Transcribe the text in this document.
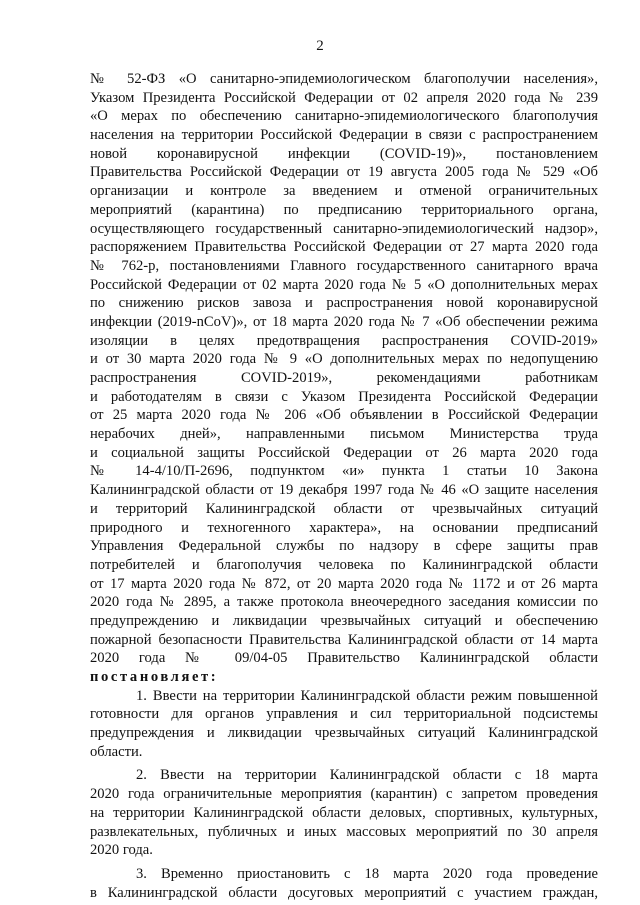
2
№ 52-ФЗ «О санитарно-эпидемиологическом благополучии населения»,
Указом Президента Российской Федерации от 02 апреля 2020 года № 239
«О мерах по обеспечению санитарно-эпидемиологического благополучия
населения на территории Российской Федерации в связи с распространением
новой коронавирусной инфекции (COVID-19)», постановлением
Правительства Российской Федерации от 19 августа 2005 года № 529 «Об
организации и контроле за введением и отменой ограничительных
мероприятий (карантина) по предписанию территориального органа,
осуществляющего государственный санитарно-эпидемиологический надзор»,
распоряжением Правительства Российской Федерации от 27 марта 2020 года
№ 762-р, постановлениями Главного государственного санитарного врача
Российской Федерации от 02 марта 2020 года № 5 «О дополнительных мерах
по снижению рисков завоза и распространения новой коронавирусной
инфекции (2019-nCoV)», от 18 марта 2020 года № 7 «Об обеспечении режима
изоляции в целях предотвращения распространения COVID-2019»
и от 30 марта 2020 года № 9 «О дополнительных мерах по недопущению
распространения COVID-2019», рекомендациями работникам
и работодателям в связи с Указом Президента Российской Федерации
от 25 марта 2020 года № 206 «Об объявлении в Российской Федерации
нерабочих дней», направленными письмом Министерства труда
и социальной защиты Российской Федерации от 26 марта 2020 года
№ 14-4/10/П-2696, подпунктом «и» пункта 1 статьи 10 Закона
Калининградской области от 19 декабря 1997 года № 46 «О защите населения
и территорий Калининградской области от чрезвычайных ситуаций
природного и техногенного характера», на основании предписаний
Управления Федеральной службы по надзору в сфере защиты прав
потребителей и благополучия человека по Калининградской области
от 17 марта 2020 года № 872, от 20 марта 2020 года № 1172 и от 26 марта
2020 года № 2895, а также протокола внеочередного заседания комиссии по
предупреждению и ликвидации чрезвычайных ситуаций и обеспечению
пожарной безопасности Правительства Калининградской области от 14 марта
2020 года № 09/04-05 Правительство Калининградской области
постановляет:
1. Ввести на территории Калининградской области режим повышенной
готовности для органов управления и сил территориальной подсистемы
предупреждения и ликвидации чрезвычайных ситуаций Калининградской
области.
2. Ввести на территории Калининградской области с 18 марта
2020 года ограничительные мероприятия (карантин) с запретом проведения
на территории Калининградской области деловых, спортивных, культурных,
развлекательных, публичных и иных массовых мероприятий по 30 апреля
2020 года.
3. Временно приостановить с 18 марта 2020 года проведение
в Калининградской области досуговых мероприятий с участием граждан,
